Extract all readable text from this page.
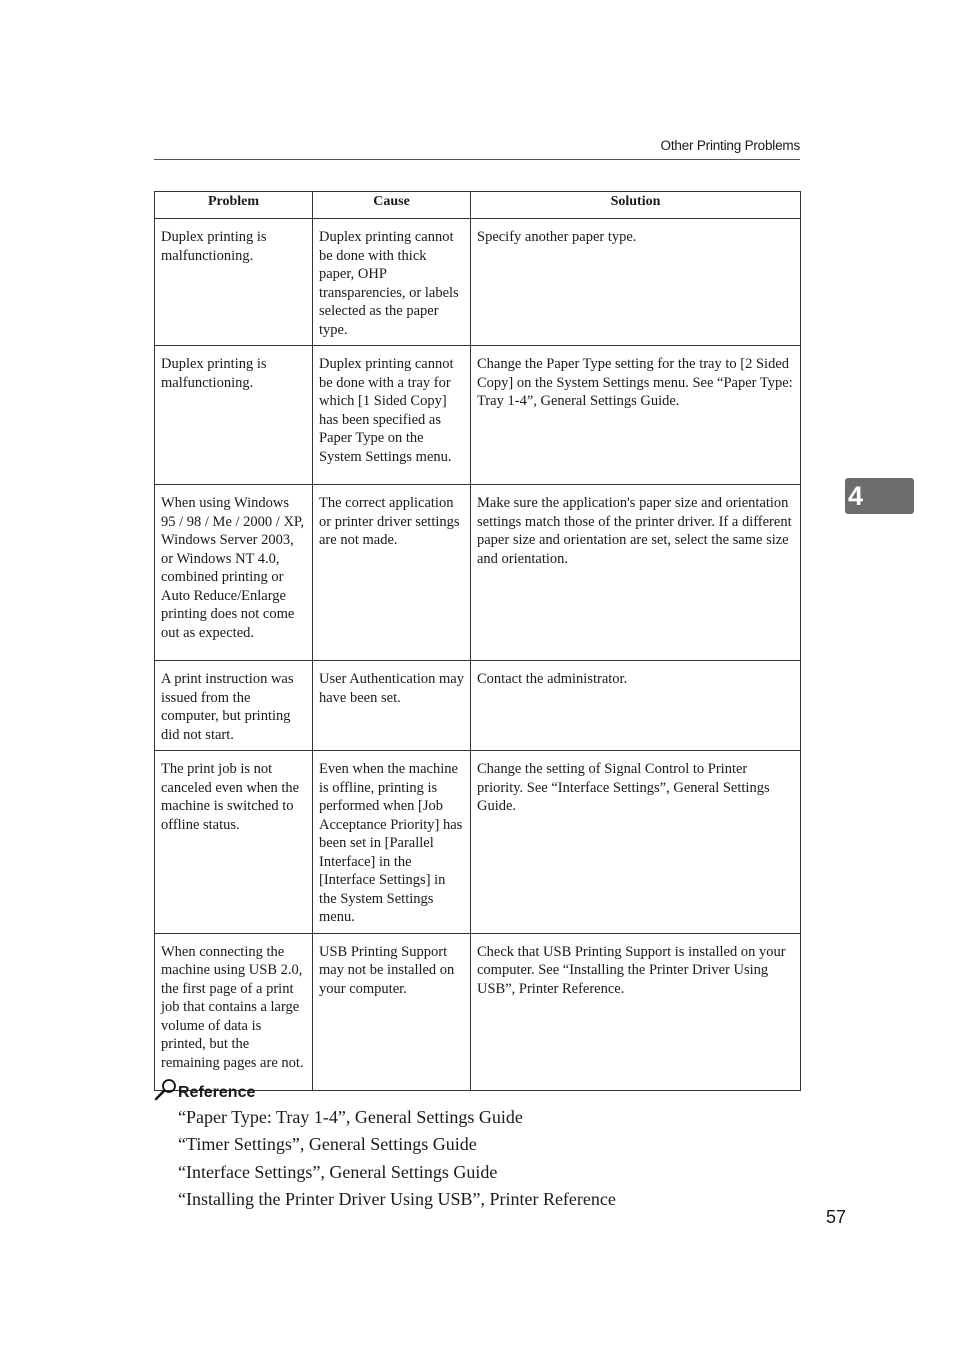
Other Printing Problems
4
Problem	Cause	Solution
Duplex printing is malfunctioning.	Duplex printing cannot be done with thick paper, OHP transparencies, or labels selected as the paper type.	Specify another paper type.
Duplex printing is malfunctioning.	Duplex printing cannot be done with a tray for which [1 Sided Copy] has been specified as Paper Type on the System Settings menu.	Change the Paper Type setting for the tray to [2 Sided Copy] on the System Settings menu. See “Paper Type: Tray 1-4”, General Settings Guide.
When using Windows 95 / 98 / Me / 2000 / XP, Windows Server 2003, or Windows NT 4.0, combined printing or Auto Reduce/Enlarge printing does not come out as expected.	The correct application or printer driver settings are not made.	Make sure the application's paper size and orientation settings match those of the printer driver. If a different paper size and orientation are set, select the same size and orientation.
A print instruction was issued from the computer, but printing did not start.	User Authentication may have been set.	Contact the administrator.
The print job is not canceled even when the machine is switched to offline status.	Even when the machine is offline, printing is performed when [Job Acceptance Priority] has been set in [Parallel Interface] in the [Interface Settings] in the System Settings menu.	Change the setting of Signal Control to Printer priority. See “Interface Settings”, General Settings Guide.
When connecting the machine using USB 2.0, the first page of a print job that contains a large volume of data is printed, but the remaining pages are not.	USB Printing Support may not be installed on your computer.	Check that USB Printing Support is installed on your computer. See “Installing the Printer Driver Using USB”, Printer Reference.
Reference
“Paper Type: Tray 1-4”, General Settings Guide
“Timer Settings”, General Settings Guide
“Interface Settings”, General Settings Guide
“Installing the Printer Driver Using USB”, Printer Reference
57
